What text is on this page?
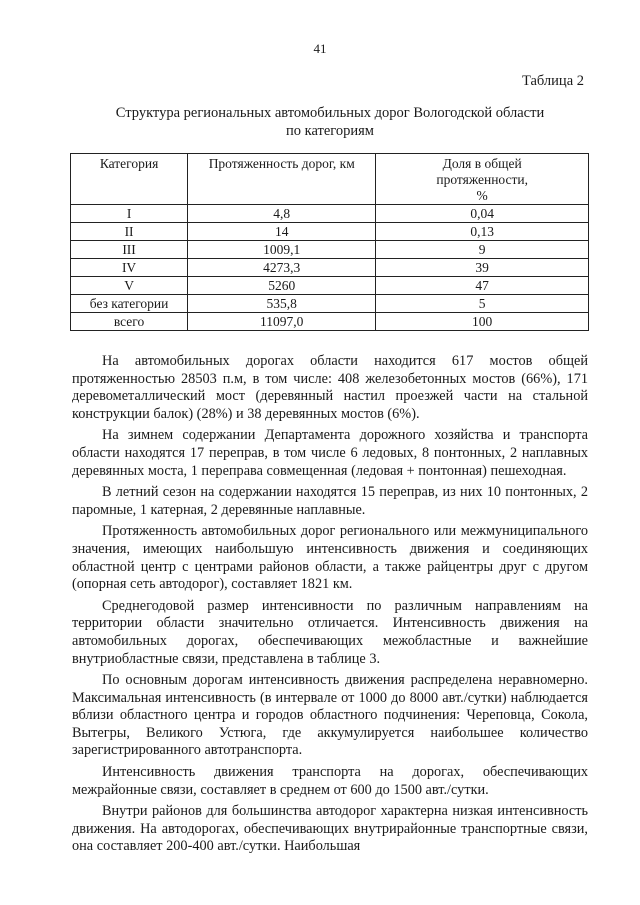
41
Таблица 2
Структура региональных автомобильных дорог Вологодской области
по категориям
Категория	Протяженность дорог, км	Доля в общей протяженности, %
I	4,8	0,04
II	14	0,13
III	1009,1	9
IV	4273,3	39
V	5260	47
без категории	535,8	5
всего	11097,0	100

На автомобильных дорогах области находится 617 мостов общей протяженностью 28503 п.м, в том числе: 408 железобетонных мостов (66%), 171 деревометаллический мост (деревянный настил проезжей части на стальной конструкции балок) (28%) и 38 деревянных мостов (6%).

На зимнем содержании Департамента дорожного хозяйства и транспорта области находятся 17 переправ, в том числе 6 ледовых, 8 понтонных, 2 наплавных деревянных моста, 1 переправа совмещенная (ледовая + понтонная) пешеходная.

В летний сезон на содержании находятся 15 переправ, из них 10 понтонных, 2 паромные, 1 катерная, 2 деревянные наплавные.

Протяженность автомобильных дорог регионального или межмуниципального значения, имеющих наибольшую интенсивность движения и соединяющих областной центр с центрами районов области, а также райцентры друг с другом (опорная сеть автодорог), составляет 1821 км.

Среднегодовой размер интенсивности по различным направлениям на территории области значительно отличается. Интенсивность движения на автомобильных дорогах, обеспечивающих межобластные и важнейшие внутриобластные связи, представлена в таблице 3.

По основным дорогам интенсивность движения распределена неравномерно. Максимальная интенсивность (в интервале от 1000 до 8000 авт./сутки) наблюдается вблизи областного центра и городов областного подчинения: Череповца, Сокола, Вытегры, Великого Устюга, где аккумулируется наибольшее количество зарегистрированного автотранспорта.

Интенсивность движения транспорта на дорогах, обеспечивающих межрайонные связи, составляет в среднем от 600 до 1500 авт./сутки.

Внутри районов для большинства автодорог характерна низкая интенсивность движения. На автодорогах, обеспечивающих внутрирайонные транспортные связи, она составляет 200-400 авт./сутки. Наибольшая
